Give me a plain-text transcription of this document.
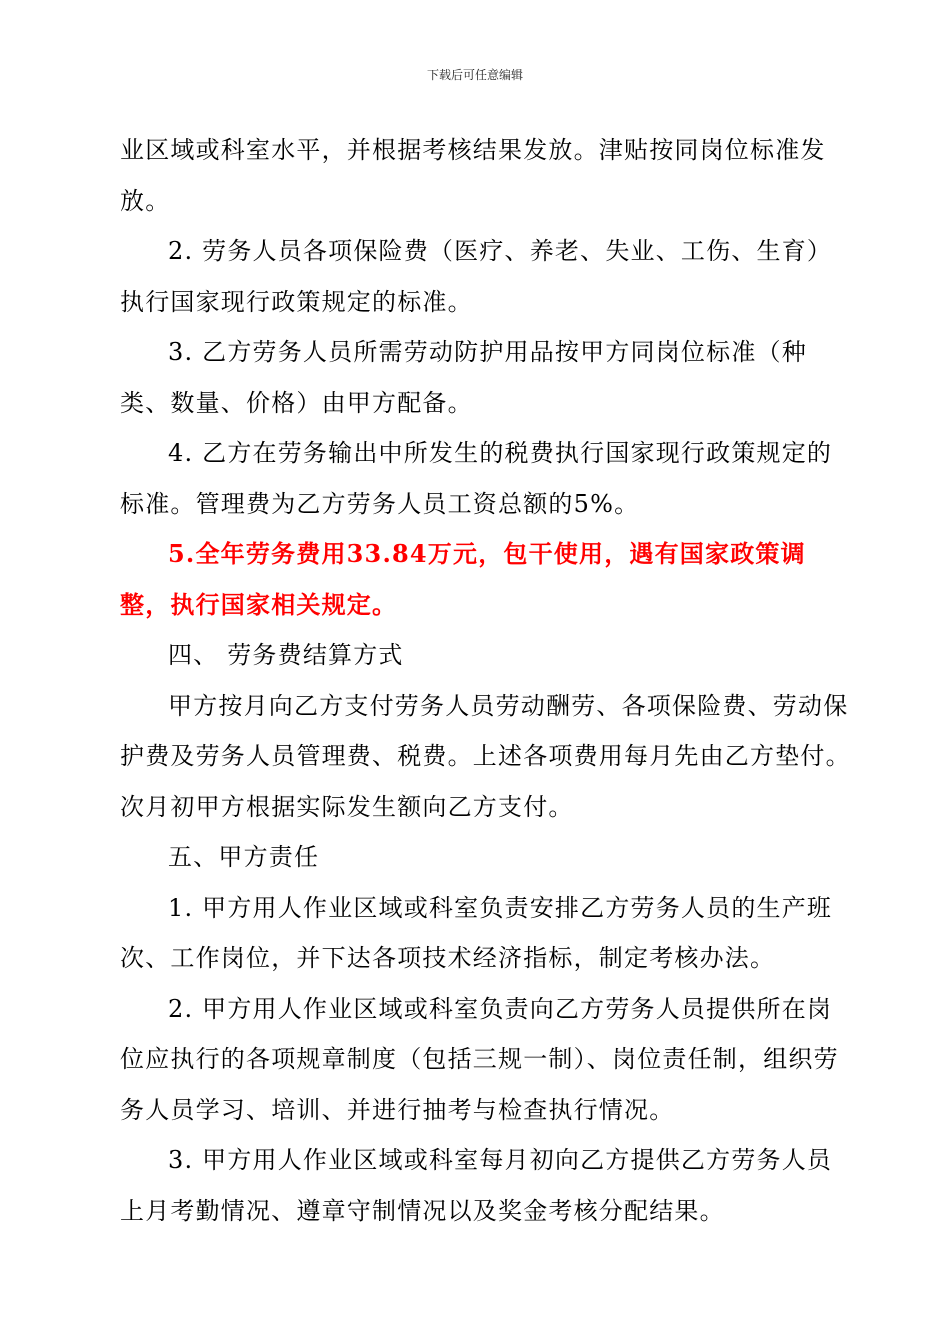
下载后可任意编辑

业区域或科室水平，并根据考核结果发放。津贴按同岗位标准发放。

2. 劳务人员各项保险费（医疗、养老、失业、工伤、生育）执行国家现行政策规定的标准。

3. 乙方劳务人员所需劳动防护用品按甲方同岗位标准（种类、数量、价格）由甲方配备。

4. 乙方在劳务输出中所发生的税费执行国家现行政策规定的标准。管理费为乙方劳务人员工资总额的5%。

5.全年劳务费用33.84万元，包干使用，遇有国家政策调整，执行国家相关规定。

四、 劳务费结算方式

甲方按月向乙方支付劳务人员劳动酬劳、各项保险费、劳动保护费及劳务人员管理费、税费。上述各项费用每月先由乙方垫付。次月初甲方根据实际发生额向乙方支付。

五、甲方责任

1. 甲方用人作业区域或科室负责安排乙方劳务人员的生产班次、工作岗位，并下达各项技术经济指标，制定考核办法。

2. 甲方用人作业区域或科室负责向乙方劳务人员提供所在岗位应执行的各项规章制度（包括三规一制）、岗位责任制，组织劳务人员学习、培训、并进行抽考与检查执行情况。

3. 甲方用人作业区域或科室每月初向乙方提供乙方劳务人员上月考勤情况、遵章守制情况以及奖金考核分配结果。
